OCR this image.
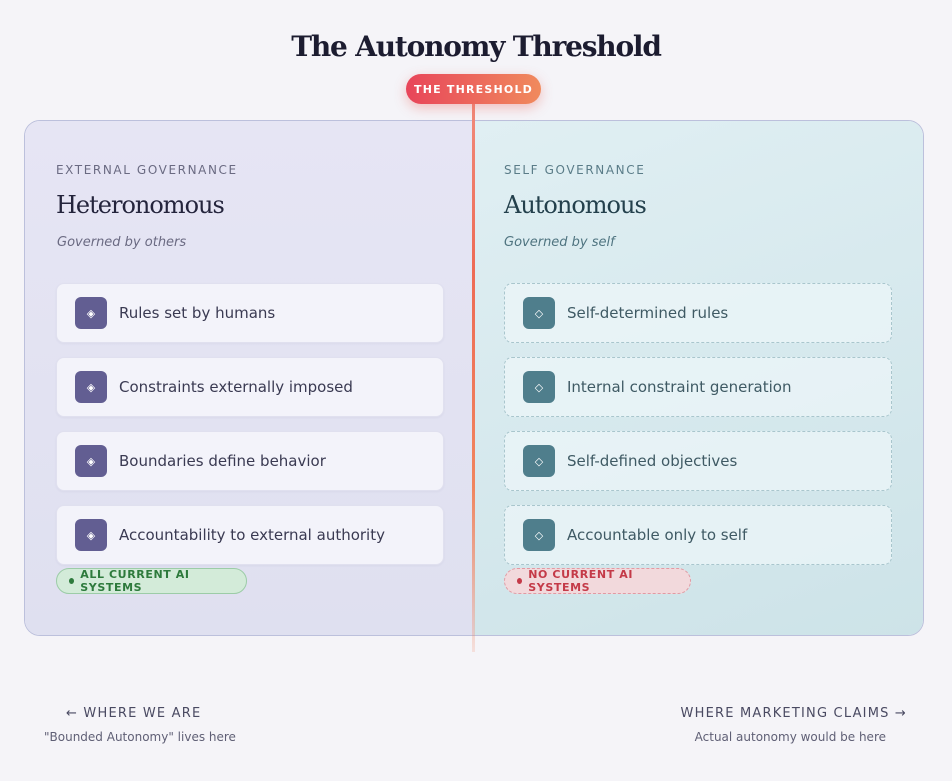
The Autonomy Threshold
THE THRESHOLD
EXTERNAL GOVERNANCE
Heteronomous
Governed by others
◈	Rules set by humans
◈	Constraints externally imposed
◈	Boundaries define behavior
◈	Accountability to external authority
ALL CURRENT AI SYSTEMS
SELF GOVERNANCE
Autonomous
Governed by self
◇	Self-determined rules
◇	Internal constraint generation
◇	Self-defined objectives
◇	Accountable only to self
NO CURRENT AI SYSTEMS
← WHERE WE ARE
"Bounded Autonomy" lives here
WHERE MARKETING CLAIMS →
Actual autonomy would be here
